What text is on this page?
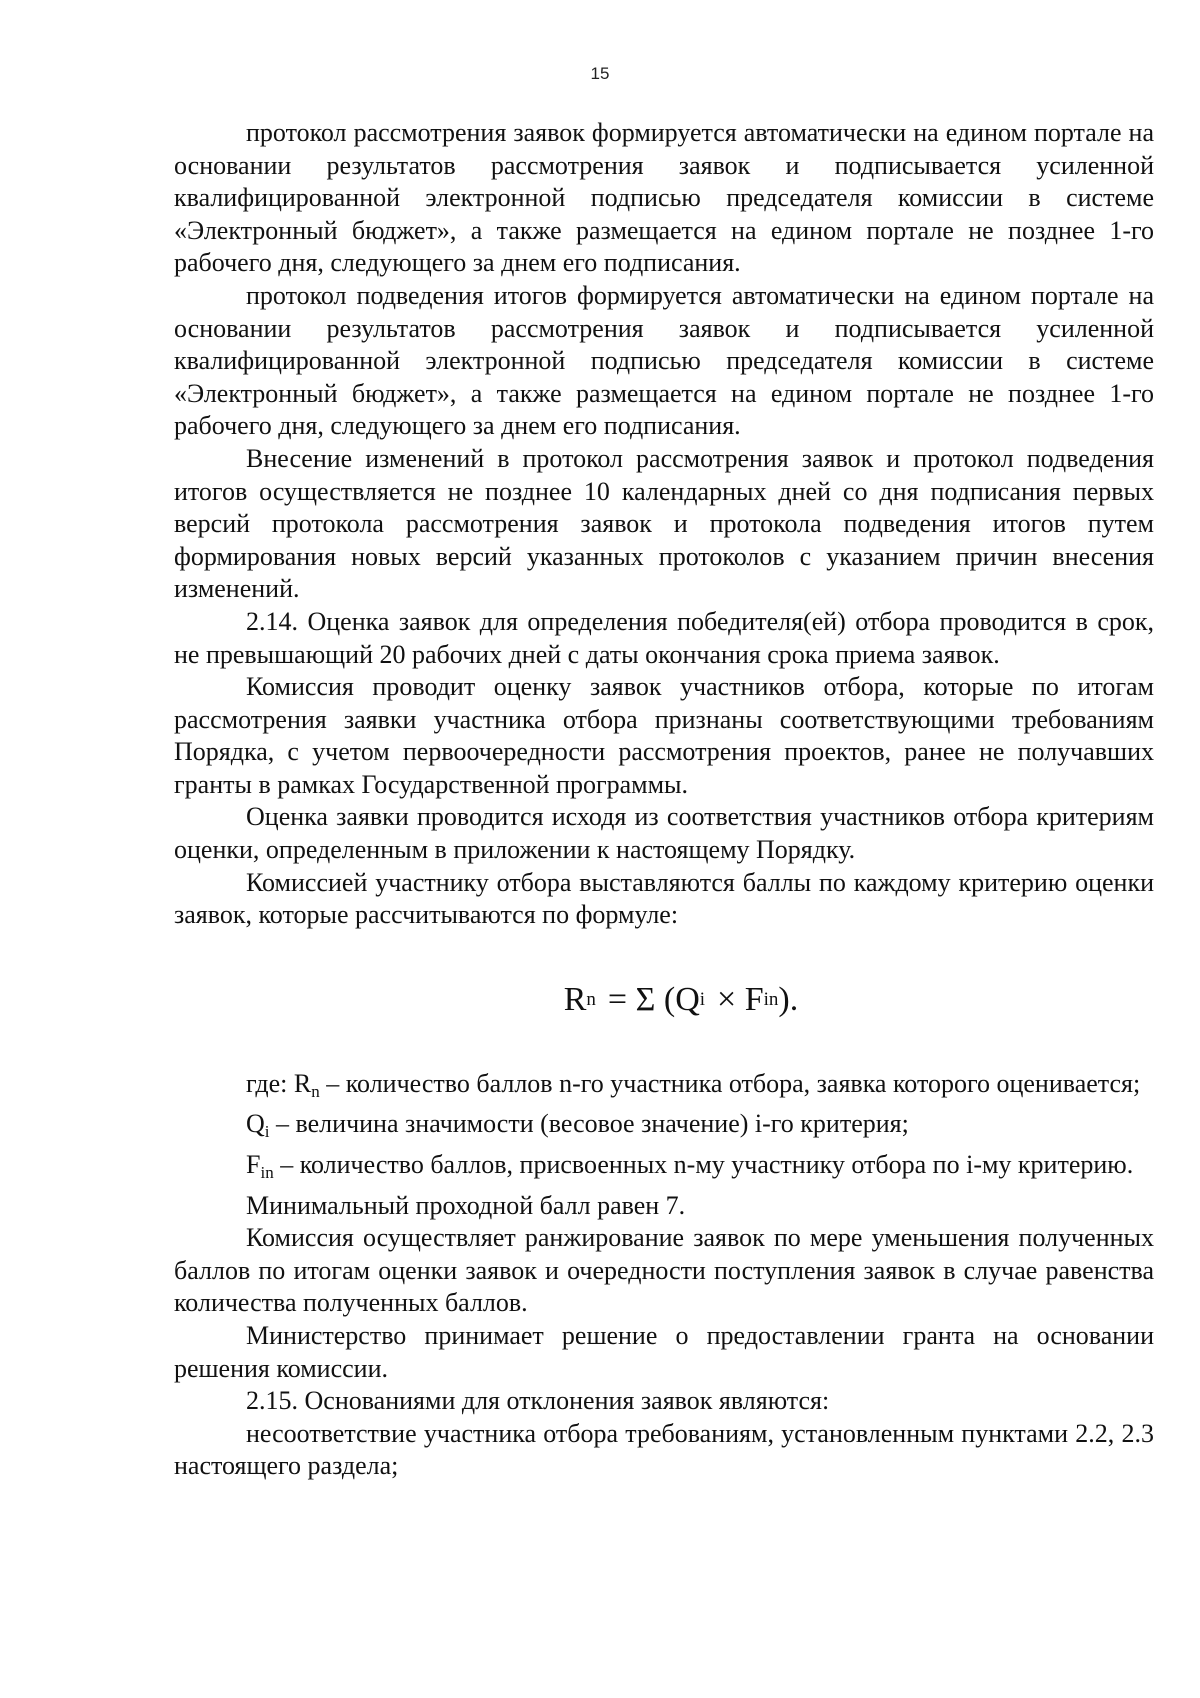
15

протокол рассмотрения заявок формируется автоматически на едином портале на основании результатов рассмотрения заявок и подписывается усиленной квалифицированной электронной подписью председателя комиссии в системе «Электронный бюджет», а также размещается на едином портале не позднее 1-го рабочего дня, следующего за днем его подписания.

протокол подведения итогов формируется автоматически на едином портале на основании результатов рассмотрения заявок и подписывается усиленной квалифицированной электронной подписью председателя комиссии в системе «Электронный бюджет», а также размещается на едином портале не позднее 1-го рабочего дня, следующего за днем его подписания.

Внесение изменений в протокол рассмотрения заявок и протокол подведения итогов осуществляется не позднее 10 календарных дней со дня подписания первых версий протокола рассмотрения заявок и протокола подведения итогов путем формирования новых версий указанных протоколов с указанием причин внесения изменений.

2.14. Оценка заявок для определения победителя(ей) отбора проводится в срок, не превышающий 20 рабочих дней с даты окончания срока приема заявок.

Комиссия проводит оценку заявок участников отбора, которые по итогам рассмотрения заявки участника отбора признаны соответствующими требованиям Порядка, с учетом первоочередности рассмотрения проектов, ранее не получавших гранты в рамках Государственной программы.

Оценка заявки проводится исходя из соответствия участников отбора критериям оценки, определенным в приложении к настоящему Порядку.

Комиссией участнику отбора выставляются баллы по каждому критерию оценки заявок, которые рассчитываются по формуле:

R n = Σ (Q i × F in ).

где: $R_n$ – количество баллов n-го участника отбора, заявка которого оценивается;

$Q_i$ – величина значимости (весовое значение) i-го критерия;

$F_{in}$ – количество баллов, присвоенных n-му участнику отбора по i-му критерию.

Минимальный проходной балл равен 7.

Комиссия осуществляет ранжирование заявок по мере уменьшения полученных баллов по итогам оценки заявок и очередности поступления заявок в случае равенства количества полученных баллов.

Министерство принимает решение о предоставлении гранта на основании решения комиссии.

2.15. Основаниями для отклонения заявок являются:

несоответствие участника отбора требованиям, установленным пунктами 2.2, 2.3 настоящего раздела;
